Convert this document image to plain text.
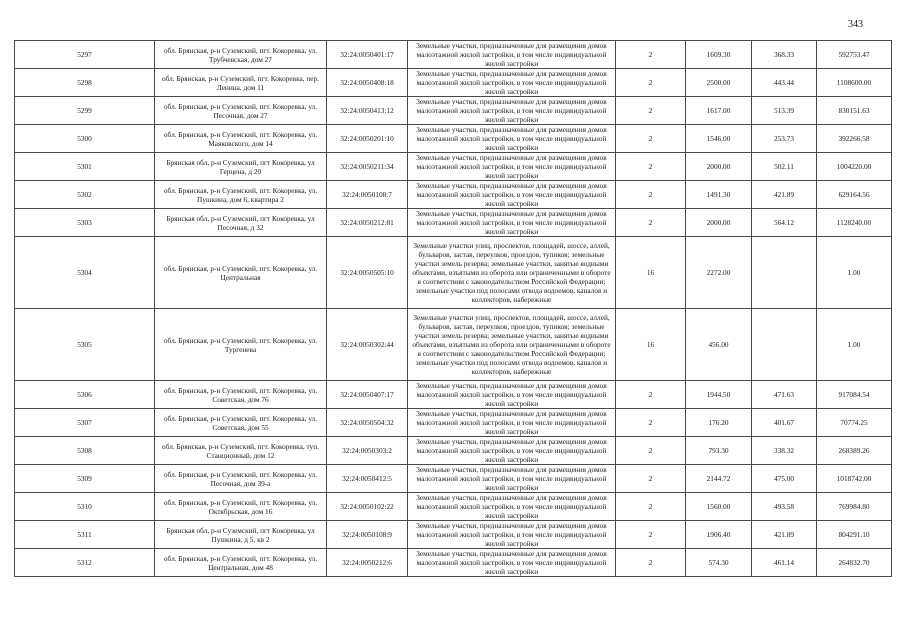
343
5297	обл. Брянская, р-н Суземский, пгт. Кокоревка, ул. Трубчевская, дом 27	32:24:0050401:17	Земельные участки, предназначенные для размещения домов малоэтажной жилой застройки, в том числе индивидуальной жилой застройки	2	1609.30	368.33	592753.47
5298	обл. Брянская, р-н Суземский, пгт. Кокоревка, пер. Ленина, дом 11	32:24:0050408:18	Земельные участки, предназначенные для размещения домов малоэтажной жилой застройки, в том числе индивидуальной жилой застройки	2	2500.00	443.44	1108600.00
5299	обл. Брянская, р-н Суземский, пгт. Кокоревка, ул. Песочная, дом 27	32:24:0050413:12	Земельные участки, предназначенные для размещения домов малоэтажной жилой застройки, в том числе индивидуальной жилой застройки	2	1617.00	513.39	830151.63
5300	обл. Брянская, р-н Суземский, пгт. Кокоревка, ул. Маяковского, дом 14	32:24:0050201:10	Земельные участки, предназначенные для размещения домов малоэтажной жилой застройки, в том числе индивидуальной жилой застройки	2	1546.00	253.73	392266.58
5301	Брянская обл, р-н Суземский, пгт Кокоревка, ул Герцена, д 20	32:24:0050211:34	Земельные участки, предназначенные для размещения домов малоэтажной жилой застройки, в том числе индивидуальной жилой застройки	2	2000.00	502.11	1004220.00
5302	обл. Брянская, р-н Суземский, пгт. Кокоревка, ул. Пушкина, дом 6, квартира 2	32:24:0050108:7	Земельные участки, предназначенные для размещения домов малоэтажной жилой застройки, в том числе индивидуальной жилой застройки	2	1491.30	421.89	629164.56
5303	Брянская обл, р-н Суземский, пгт Кокоревка, ул Песочная, д 32	32:24:0050212:81	Земельные участки, предназначенные для размещения домов малоэтажной жилой застройки, в том числе индивидуальной жилой застройки	2	2000.00	564.12	1128240.00
5304	обл. Брянская, р-н Суземский, пгт. Кокоревка, ул. Центральная	32:24:0050505:10	Земельные участки улиц, проспектов, площадей, шоссе, аллей, бульваров, застав, переулков, проездов, тупиков; земельные участки земель резерва; земельные участки, занятые водными объектами, изъятыми из оборота или ограниченными в обороте в соответствии с законодательством Российской Федерации; земельные участки под полосами отвода водоемов, каналов и коллекторов, набережные	16	2272.00		1.00
5305	обл. Брянская, р-н Суземский, пгт. Кокоревка, ул. Тургенева	32:24:0050302:44	Земельные участки улиц, проспектов, площадей, шоссе, аллей, бульваров, застав, переулков, проездов, тупиков; земельные участки земель резерва; земельные участки, занятые водными объектами, изъятыми из оборота или ограниченными в обороте в соответствии с законодательством Российской Федерации; земельные участки под полосами отвода водоемов, каналов и коллекторов, набережные	16	456.00		1.00
5306	обл. Брянская, р-н Суземский, пгт. Кокоревка, ул. Советская, дом 76	32:24:0050407:17	Земельные участки, предназначенные для размещения домов малоэтажной жилой застройки, в том числе индивидуальной жилой застройки	2	1944.50	471.63	917084.54
5307	обл. Брянская, р-н Суземский, пгт. Кокоревка, ул. Советская, дом 55	32:24:0050504:32	Земельные участки, предназначенные для размещения домов малоэтажной жилой застройки, в том числе индивидуальной жилой застройки	2	176.20	401.67	70774.25
5308	обл. Брянская, р-н Суземский, пгт. Кокоревка, туп. Станционный, дом 12	32:24:0050303:2	Земельные участки, предназначенные для размещения домов малоэтажной жилой застройки, в том числе индивидуальной жилой застройки	2	793.30	338.32	268389.26
5309	обл. Брянская, р-н Суземский, пгт. Кокоревка, ул. Песочная, дом 39-а	32:24:0050412:5	Земельные участки, предназначенные для размещения домов малоэтажной жилой застройки, в том числе индивидуальной жилой застройки	2	2144.72	475.00	1018742.00
5310	обл. Брянская, р-н Суземский, пгт. Кокоревка, ул. Октябрьская, дом 16	32:24:0050102:22	Земельные участки, предназначенные для размещения домов малоэтажной жилой застройки, в том числе индивидуальной жилой застройки	2	1560.00	493.58	769984.80
5311	Брянская обл, р-н Суземский, пгт Кокоревка, ул Пушкина, д 5, кв 2	32:24:0050108:9	Земельные участки, предназначенные для размещения домов малоэтажной жилой застройки, в том числе индивидуальной жилой застройки	2	1906.40	421.89	804291.10
5312	обл. Брянская, р-н Суземский, пгт. Кокоревка, ул. Центральная, дом 48	32:24:0050212:6	Земельные участки, предназначенные для размещения домов малоэтажной жилой застройки, в том числе индивидуальной жилой застройки	2	574.30	461.14	264832.70
